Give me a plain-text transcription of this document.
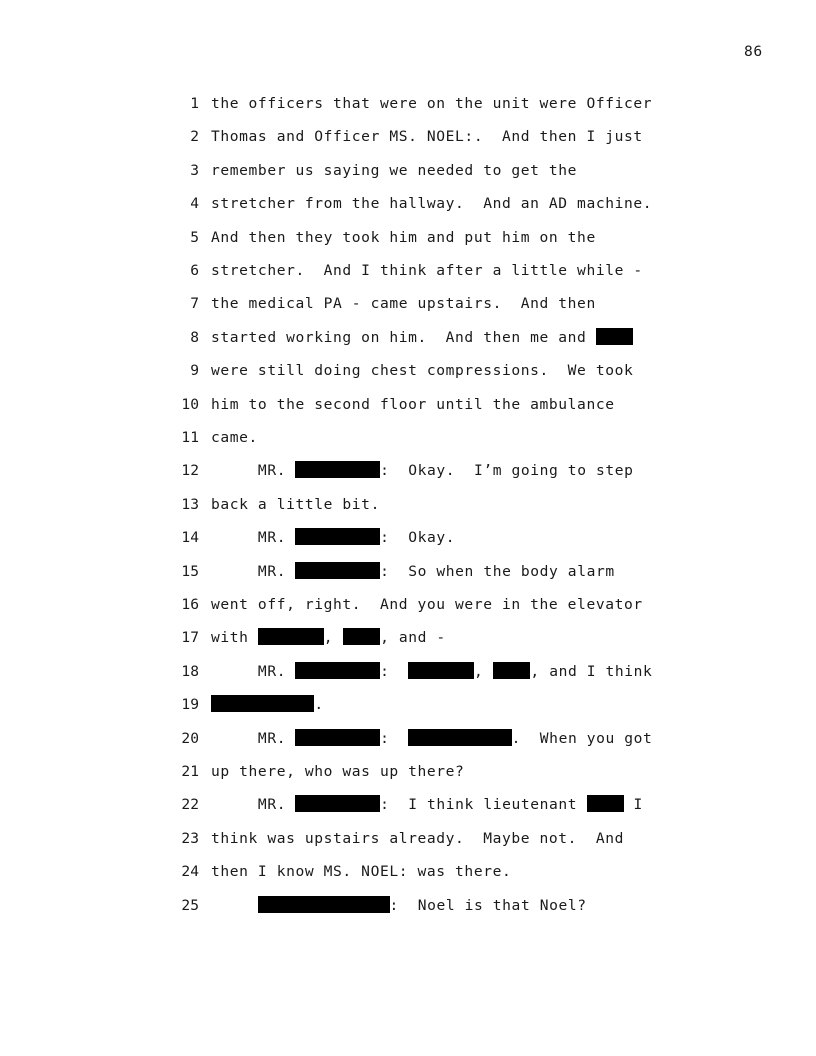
86
1 the officers that were on the unit were Officer
2 Thomas and Officer MS. NOEL:.  And then I just
3 remember us saying we needed to get the
4 stretcher from the hallway.  And an AD machine.
5 And then they took him and put him on the
6 stretcher.  And I think after a little while -
7 the medical PA - came upstairs.  And then
8 started working on him.  And then me and
9 were still doing chest compressions.  We took
10 him to the second floor until the ambulance
11 came.
12 MR.	:  Okay.  I’m going to step
13 back a little bit.
14 MR.	:  Okay.
15 MR.	:  So when the body alarm
16 went off, right.  And you were in the elevator
17 with	,	, and -
18 MR.	:	,	, and I think
19	.
20 MR.	:	.  When you got
21 up there, who was up there?
22 MR.	:  I think lieutenant	I
23 think was upstairs already.  Maybe not.  And
24 then I know MS. NOEL: was there.
25	:  Noel is that Noel?
